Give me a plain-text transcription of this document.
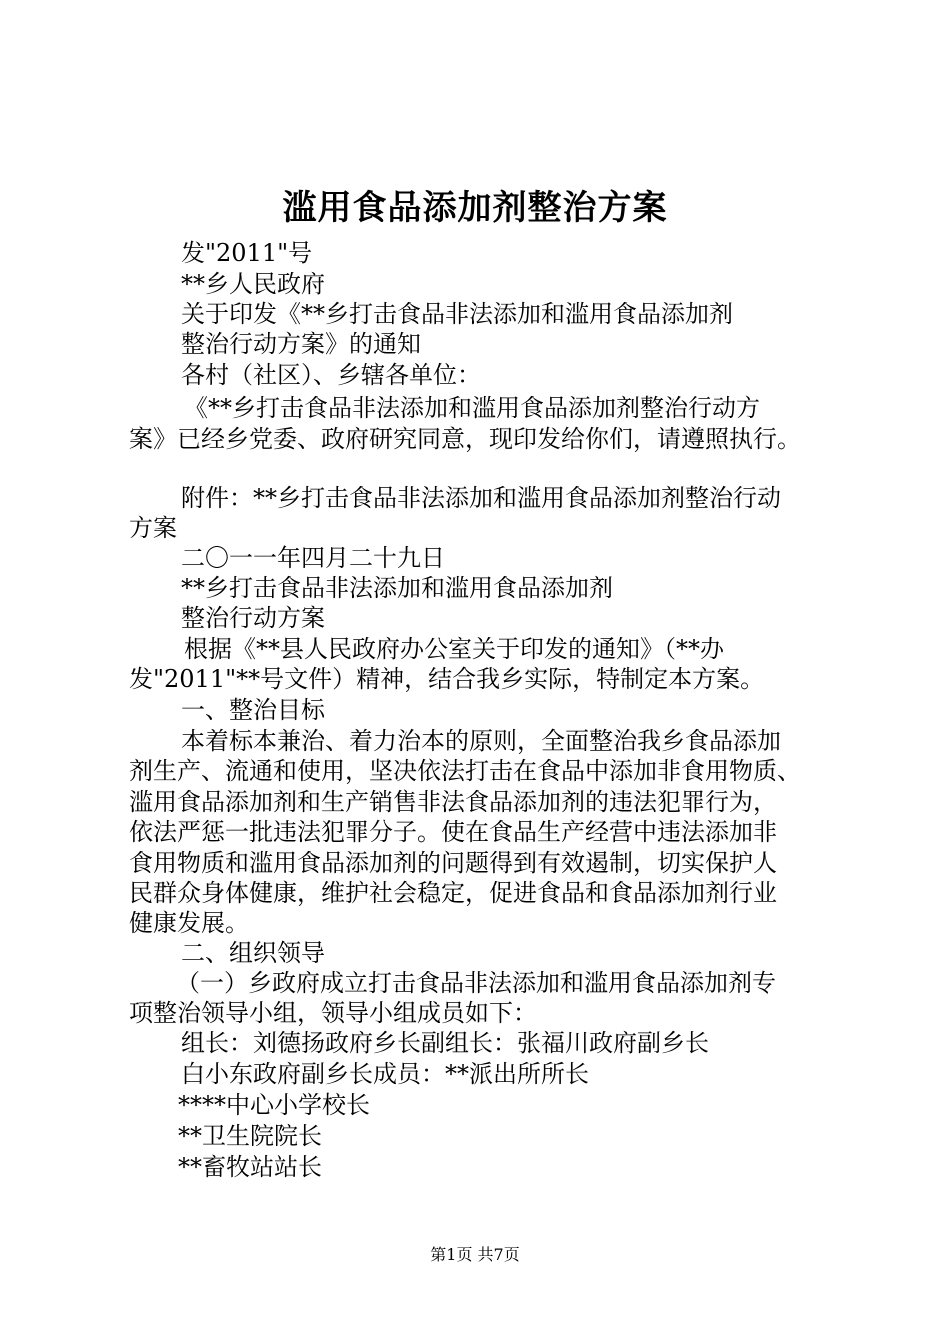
滥用食品添加剂整治方案
发"2011"号
**乡人民政府
关于印发《**乡打击食品非法添加和滥用食品添加剂
整治行动方案》的通知
各村（社区）、乡辖各单位：
《**乡打击食品非法添加和滥用食品添加剂整治行动方
案》已经乡党委、政府研究同意，现印发给你们，请遵照执行。
附件：**乡打击食品非法添加和滥用食品添加剂整治行动
方案
二〇一一年四月二十九日
**乡打击食品非法添加和滥用食品添加剂
整治行动方案
根据《**县人民政府办公室关于印发的通知》（**办
发"2011"**号文件）精神，结合我乡实际，特制定本方案。
一、整治目标
本着标本兼治、着力治本的原则，全面整治我乡食品添加
剂生产、流通和使用，坚决依法打击在食品中添加非食用物质、
滥用食品添加剂和生产销售非法食品添加剂的违法犯罪行为，
依法严惩一批违法犯罪分子。使在食品生产经营中违法添加非
食用物质和滥用食品添加剂的问题得到有效遏制，切实保护人
民群众身体健康，维护社会稳定，促进食品和食品添加剂行业
健康发展。
二、组织领导
（一）乡政府成立打击食品非法添加和滥用食品添加剂专
项整治领导小组，领导小组成员如下：
组长：刘德扬政府乡长副组长：张福川政府副乡长
白小东政府副乡长成员：**派出所所长
****中心小学校长
**卫生院院长
**畜牧站站长
第1页 共7页
